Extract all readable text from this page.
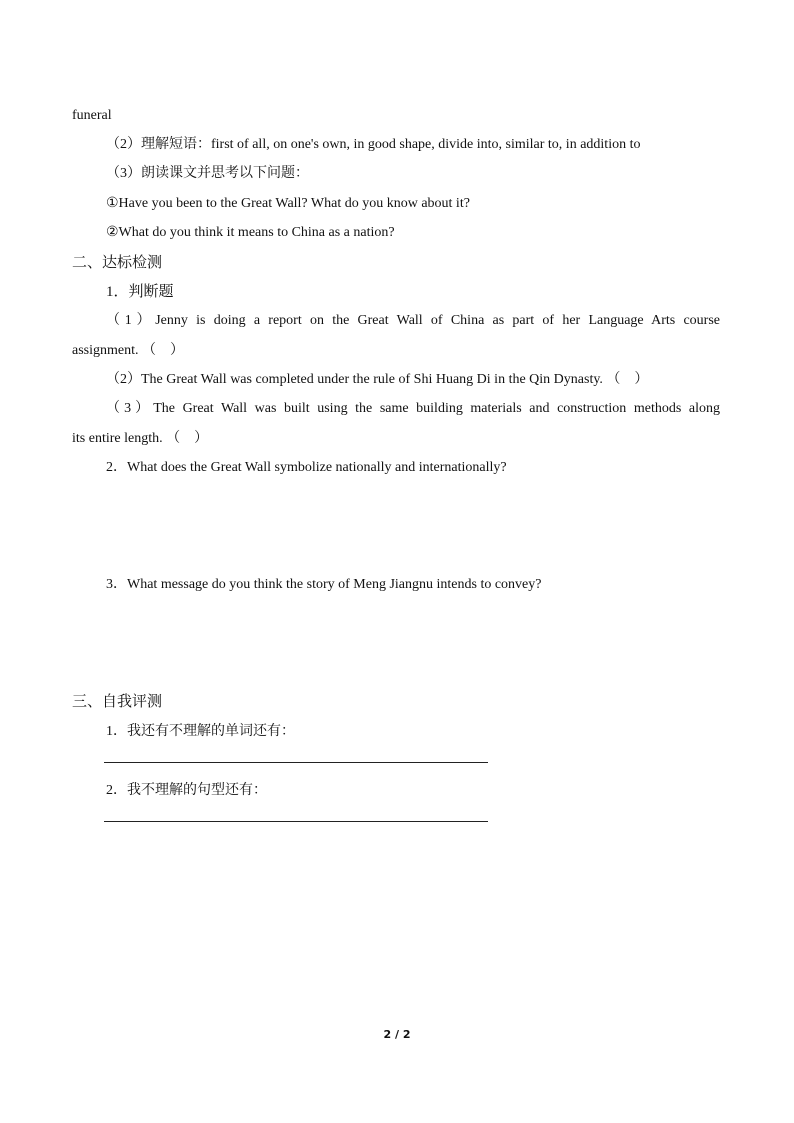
funeral
（2）理解短语：first of all, on one's own, in good shape, divide into, similar to, in addition to
（3）朗读课文并思考以下问题：
①Have you been to the Great Wall? What do you know about it?
②What do you think it means to China as a nation?
二、达标检测
1．判断题
（1）Jenny is doing a report on the Great Wall of China as part of her Language Arts course
assignment. （　）
（2）The Great Wall was completed under the rule of Shi Huang Di in the Qin Dynasty. （　）
（3）The Great Wall was built using the same building materials and construction methods along
its entire length. （　）
2．What does the Great Wall symbolize nationally and internationally?
3．What message do you think the story of Meng Jiangnu intends to convey?
三、自我评测
1．我还有不理解的单词还有：
2．我不理解的句型还有：
2 / 2
